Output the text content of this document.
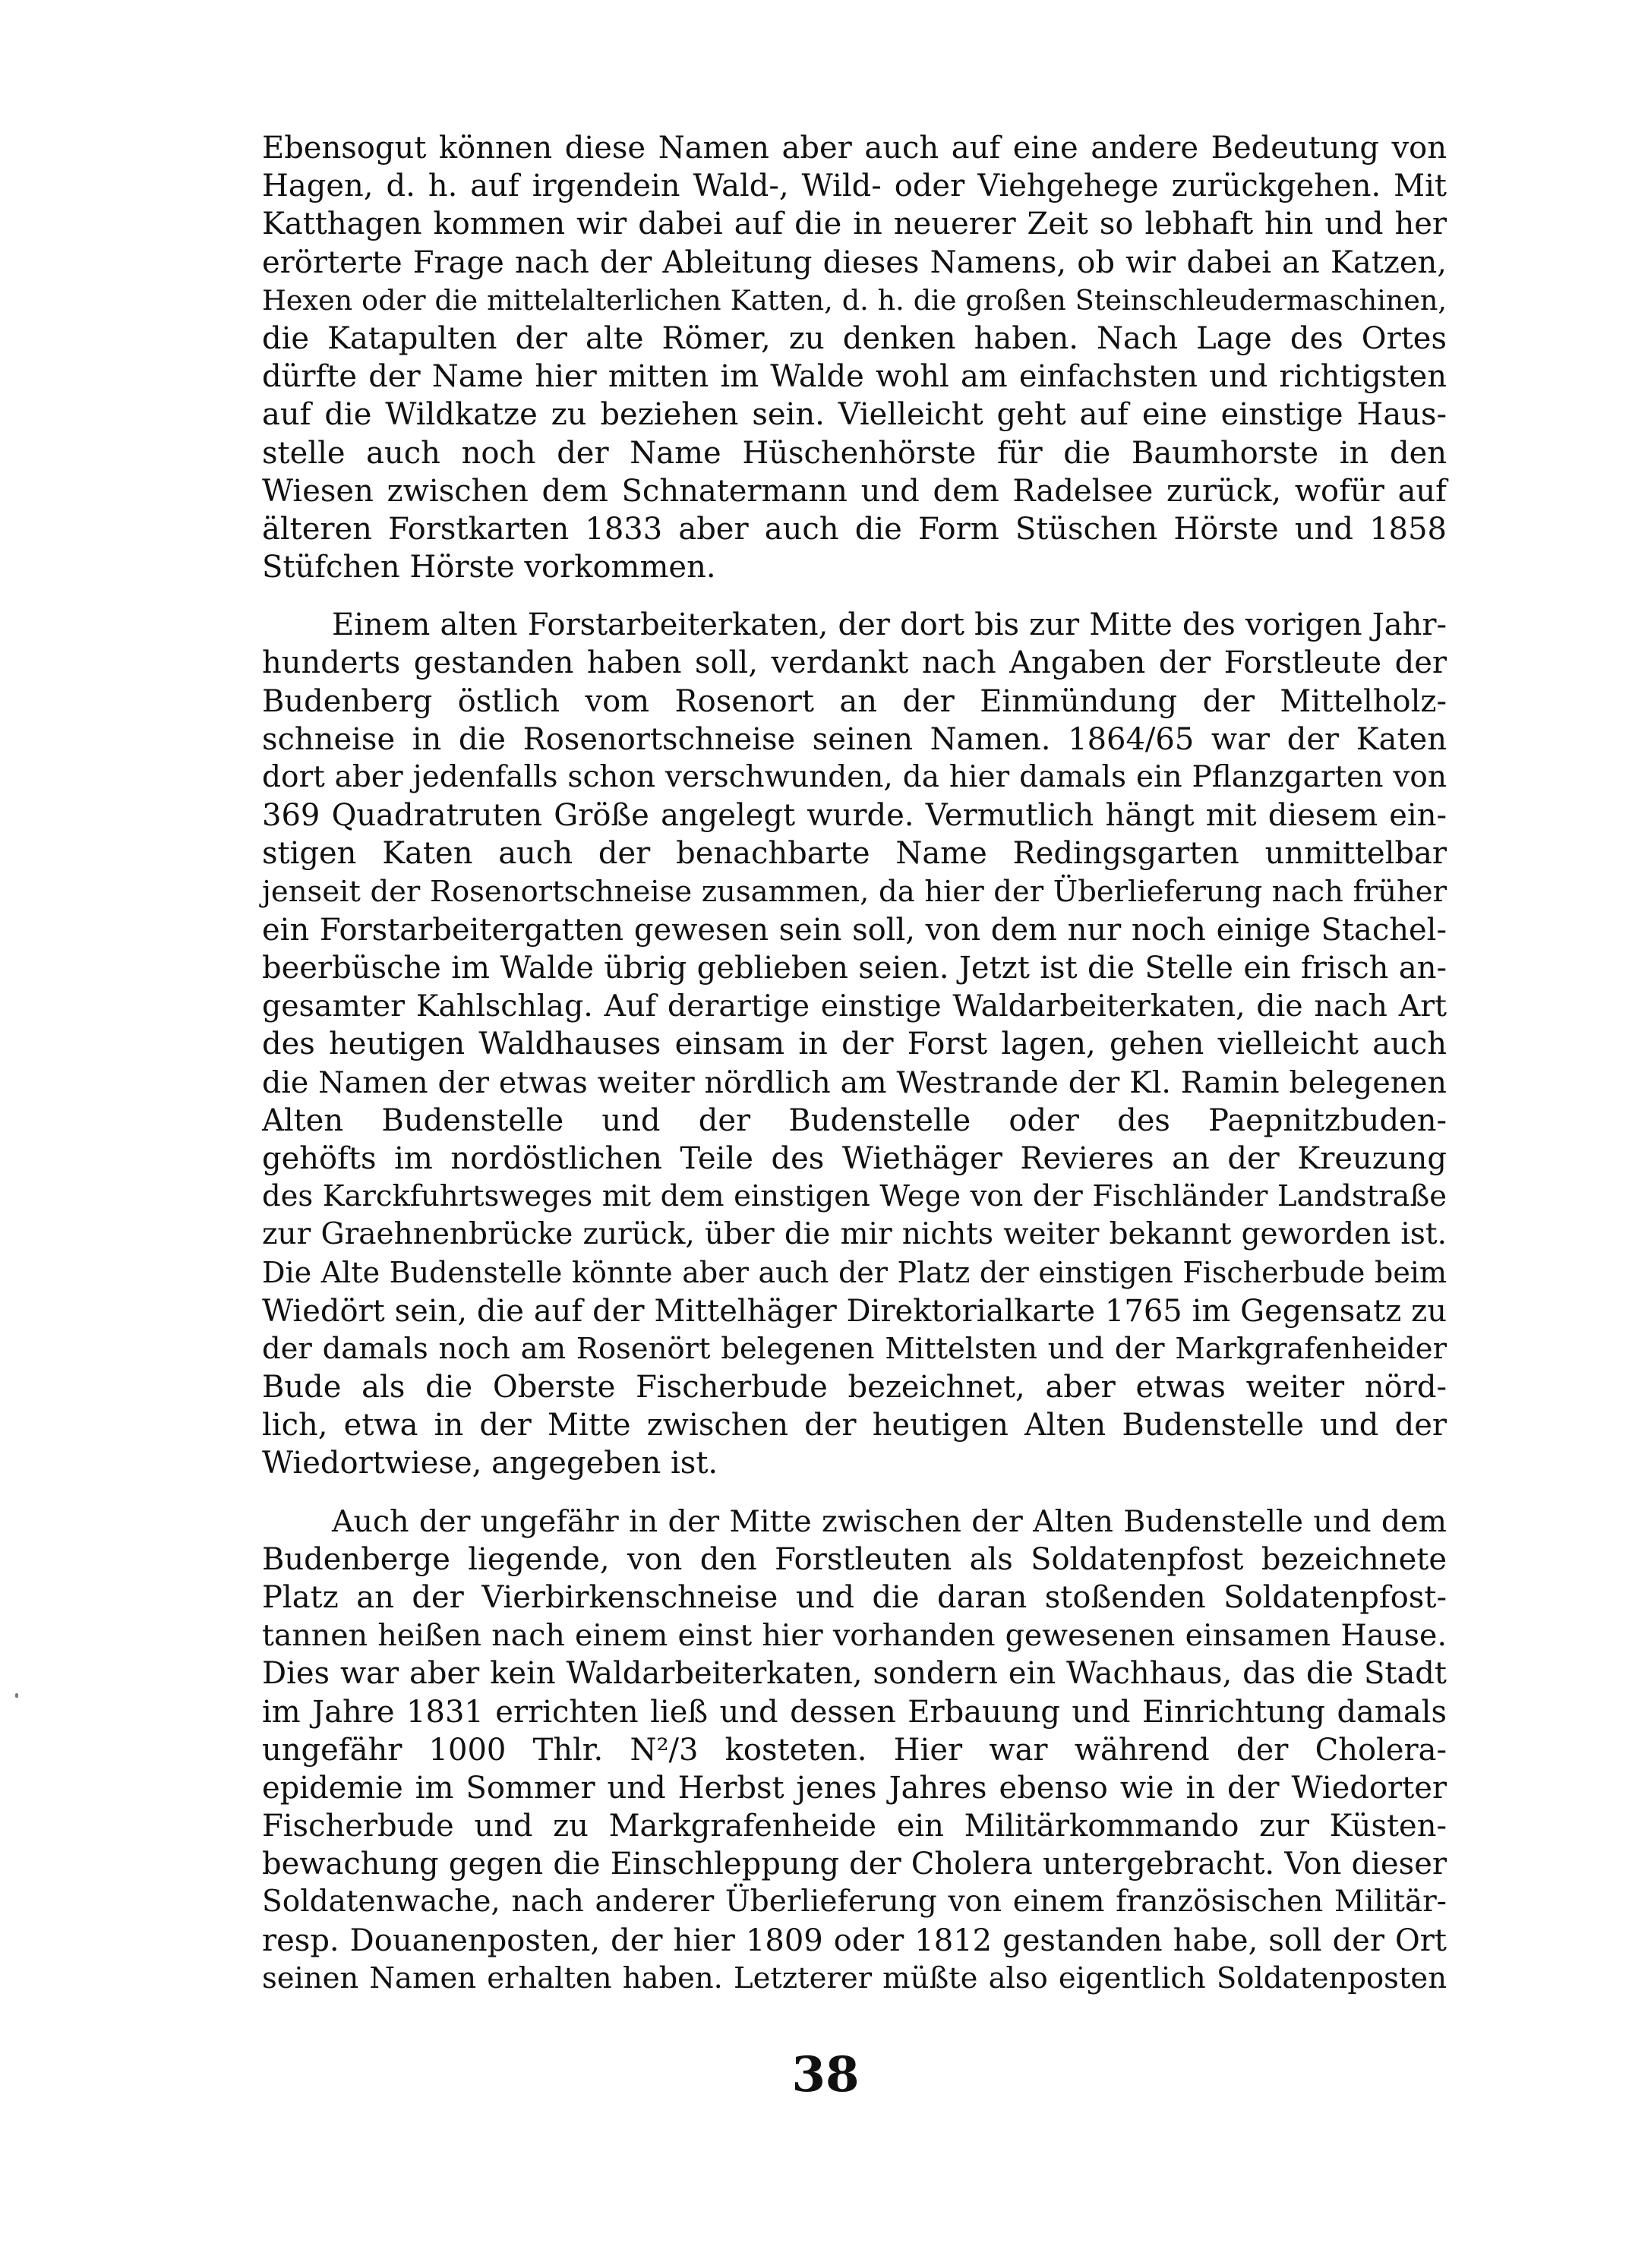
Ebensogut können diese Namen aber auch auf eine andere Bedeutung von
Hagen, d. h. auf irgendein Wald-, Wild- oder Viehgehege zurückgehen. Mit
Katthagen kommen wir dabei auf die in neuerer Zeit so lebhaft hin und her
erörterte Frage nach der Ableitung dieses Namens, ob wir dabei an Katzen,
Hexen oder die mittelalterlichen Katten, d. h. die großen Steinschleudermaschinen,
die Katapulten der alte Römer, zu denken haben. Nach Lage des Ortes
dürfte der Name hier mitten im Walde wohl am einfachsten und richtigsten
auf die Wildkatze zu beziehen sein. Vielleicht geht auf eine einstige Haus-
stelle auch noch der Name Hüschenhörste für die Baumhorste in den
Wiesen zwischen dem Schnatermann und dem Radelsee zurück, wofür auf
älteren Forstkarten 1833 aber auch die Form Stüschen Hörste und 1858
Stüfchen Hörste vorkommen.
Einem alten Forstarbeiterkaten, der dort bis zur Mitte des vorigen Jahr-
hunderts gestanden haben soll, verdankt nach Angaben der Forstleute der
Budenberg östlich vom Rosenort an der Einmündung der Mittelholz-
schneise in die Rosenortschneise seinen Namen. 1864/65 war der Katen
dort aber jedenfalls schon verschwunden, da hier damals ein Pflanzgarten von
369 Quadratruten Größe angelegt wurde. Vermutlich hängt mit diesem ein-
stigen Katen auch der benachbarte Name Redingsgarten unmittelbar
jenseit der Rosenortschneise zusammen, da hier der Überlieferung nach früher
ein Forstarbeitergatten gewesen sein soll, von dem nur noch einige Stachel-
beerbüsche im Walde übrig geblieben seien. Jetzt ist die Stelle ein frisch an-
gesamter Kahlschlag. Auf derartige einstige Waldarbeiterkaten, die nach Art
des heutigen Waldhauses einsam in der Forst lagen, gehen vielleicht auch
die Namen der etwas weiter nördlich am Westrande der Kl. Ramin belegenen
Alten Budenstelle und der Budenstelle oder des Paepnitzbuden-
gehöfts im nordöstlichen Teile des Wiethäger Revieres an der Kreuzung
des Karckfuhrtsweges mit dem einstigen Wege von der Fischländer Landstraße
zur Graehnenbrücke zurück, über die mir nichts weiter bekannt geworden ist.
Die Alte Budenstelle könnte aber auch der Platz der einstigen Fischerbude beim
Wiedört sein, die auf der Mittelhäger Direktorialkarte 1765 im Gegensatz zu
der damals noch am Rosenört belegenen Mittelsten und der Markgrafenheider
Bude als die Oberste Fischerbude bezeichnet, aber etwas weiter nörd-
lich, etwa in der Mitte zwischen der heutigen Alten Budenstelle und der
Wiedortwiese, angegeben ist.
Auch der ungefähr in der Mitte zwischen der Alten Budenstelle und dem
Budenberge liegende, von den Forstleuten als Soldatenpfost bezeichnete
Platz an der Vierbirkenschneise und die daran stoßenden Soldatenpfost-
tannen heißen nach einem einst hier vorhanden gewesenen einsamen Hause.
Dies war aber kein Waldarbeiterkaten, sondern ein Wachhaus, das die Stadt
im Jahre 1831 errichten ließ und dessen Erbauung und Einrichtung damals
ungefähr 1000 Thlr. N²/3 kosteten. Hier war während der Cholera-
epidemie im Sommer und Herbst jenes Jahres ebenso wie in der Wiedorter
Fischerbude und zu Markgrafenheide ein Militärkommando zur Küsten-
bewachung gegen die Einschleppung der Cholera untergebracht. Von dieser
Soldatenwache, nach anderer Überlieferung von einem französischen Militär-
resp. Douanenposten, der hier 1809 oder 1812 gestanden habe, soll der Ort
seinen Namen erhalten haben. Letzterer müßte also eigentlich Soldatenposten
38
